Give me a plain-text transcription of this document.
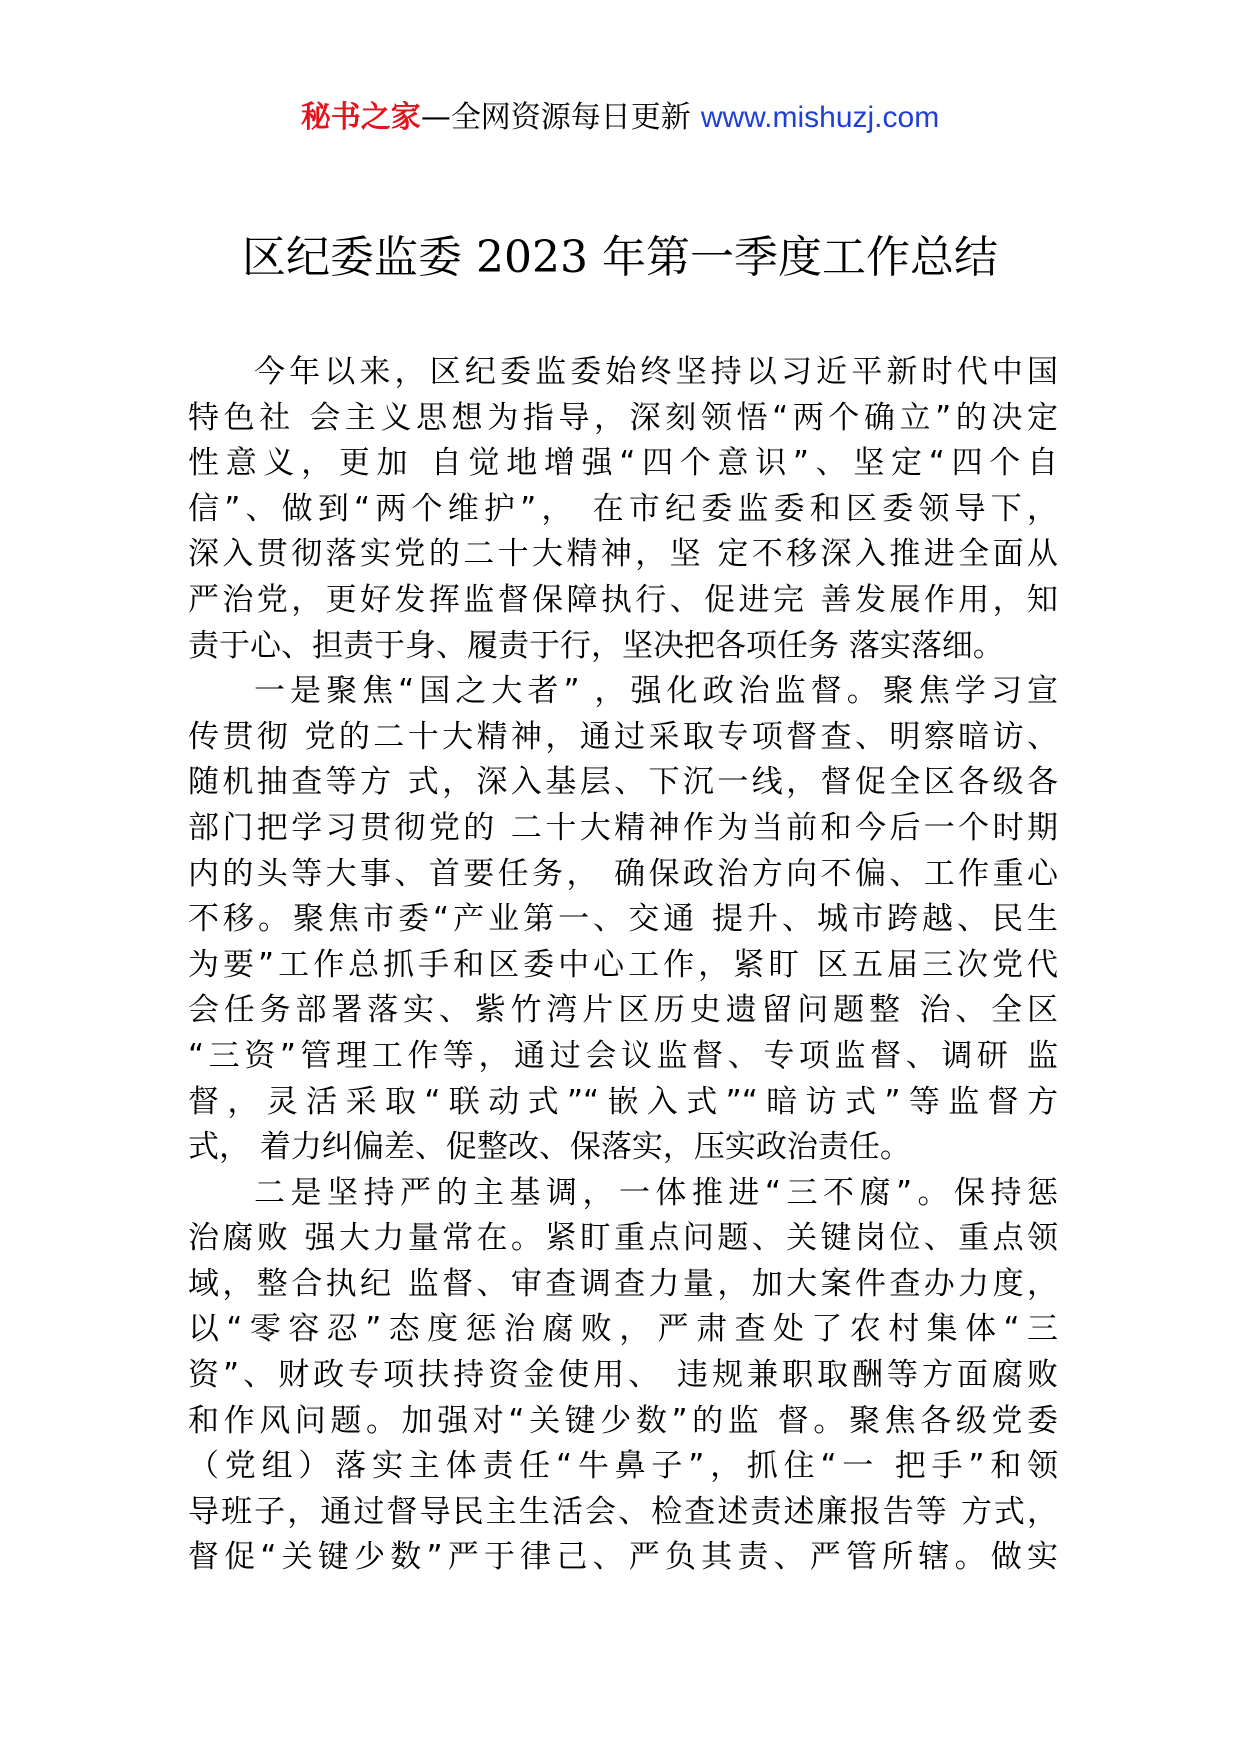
秘书之家—全网资源每日更新 www.mishuzj.com
区纪委监委 2023 年第一季度工作总结
今年以来，区纪委监委始终坚持以习近平新时代中国
特色社 会主义思想为指导，深刻领悟“两个确立”的决定
性意义，更加 自觉地增强“四个意识”、坚定“四个自
信”、做到“两个维护”， 在市纪委监委和区委领导下，
深入贯彻落实党的二十大精神，坚 定不移深入推进全面从
严治党，更好发挥监督保障执行、促进完 善发展作用，知
责于心、担责于身、履责于行，坚决把各项任务 落实落细。
一是聚焦“国之大者” ，强化政治监督。聚焦学习宣
传贯彻 党的二十大精神，通过采取专项督查、明察暗访、
随机抽查等方 式，深入基层、下沉一线，督促全区各级各
部门把学习贯彻党的 二十大精神作为当前和今后一个时期
内的头等大事、首要任务， 确保政治方向不偏、工作重心
不移。聚焦市委“产业第一、交通 提升、城市跨越、民生
为要”工作总抓手和区委中心工作，紧盯 区五届三次党代
会任务部署落实、紫竹湾片区历史遗留问题整 治、全区
“三资”管理工作等，通过会议监督、专项监督、调研 监
督，灵活采取“联动式”“嵌入式”“暗访式”等监督方
式， 着力纠偏差、促整改、保落实，压实政治责任。
二是坚持严的主基调，一体推进“三不腐”。保持惩
治腐败 强大力量常在。紧盯重点问题、关键岗位、重点领
域，整合执纪 监督、审查调查力量，加大案件查办力度，
以“零容忍”态度惩治腐败，严肃查处了农村集体“三
资”、财政专项扶持资金使用、 违规兼职取酬等方面腐败
和作风问题。加强对“关键少数”的监 督。聚焦各级党委
（党组）落实主体责任“牛鼻子”，抓住“一 把手”和领
导班子，通过督导民主生活会、检查述责述廉报告等 方式，
督促“关键少数”严于律己、严负其责、严管所辖。做实
